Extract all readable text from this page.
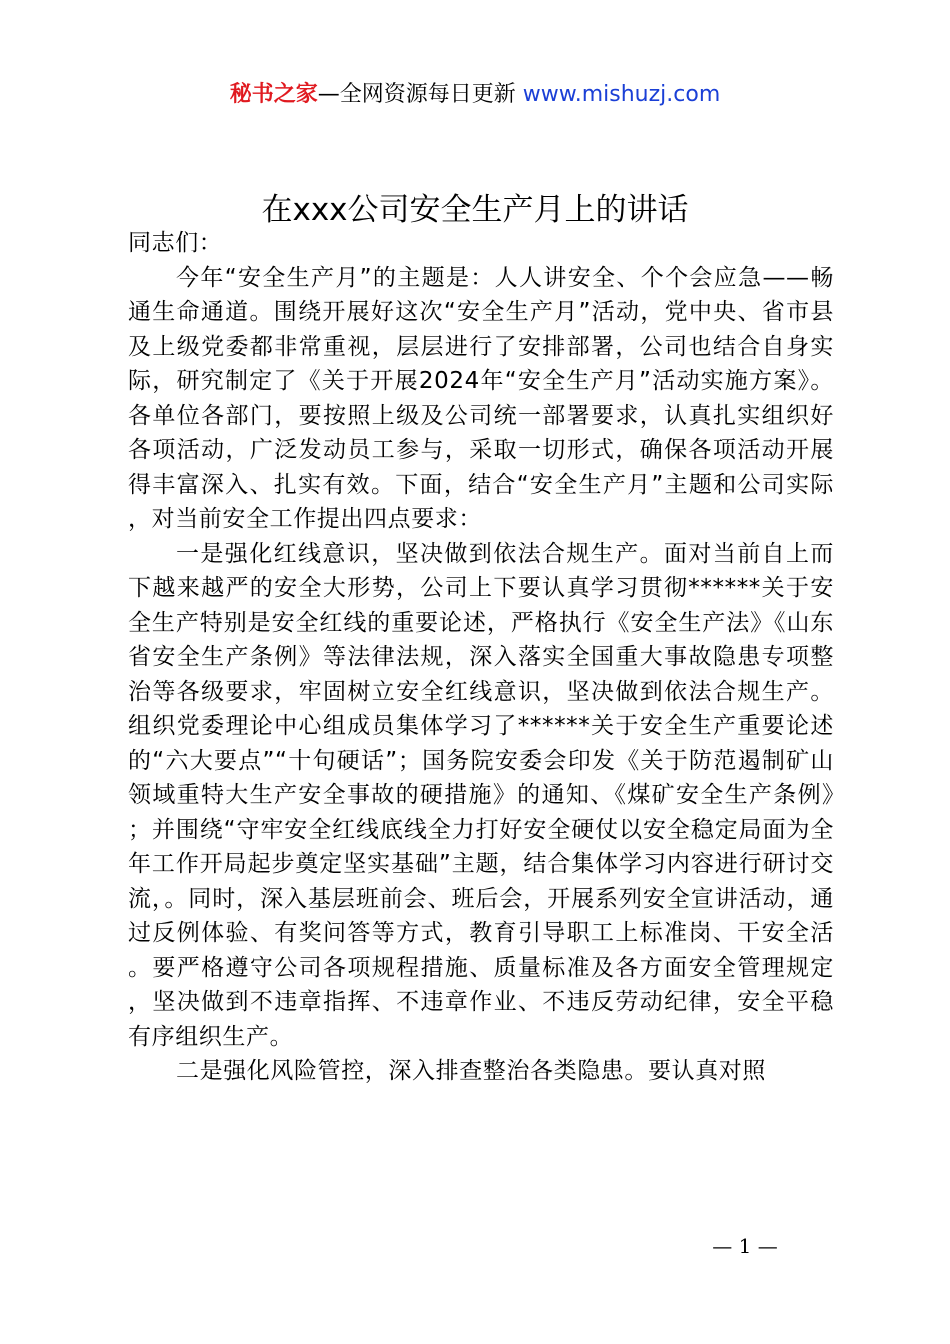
秘书之家—全网资源每日更新 www.mishuzj.com
在xxx公司安全生产月上的讲话

同志们：

今年“安全生产月”的主题是：人人讲安全、个个会应急——畅通生命通道。围绕开展好这次“安全生产月”活动，党中央、省市县及上级党委都非常重视，层层进行了安排部署，公司也结合自身实际，研究制定了《关于开展2024年“安全生产月”活动实施方案》。各单位各部门，要按照上级及公司统一部署要求，认真扎实组织好各项活动，广泛发动员工参与，采取一切形式，确保各项活动开展得丰富深入、扎实有效。下面，结合“安全生产月”主题和公司实际，对当前安全工作提出四点要求：

一是强化红线意识，坚决做到依法合规生产。面对当前自上而下越来越严的安全大形势，公司上下要认真学习贯彻******关于安全生产特别是安全红线的重要论述，严格执行《安全生产法》《山东省安全生产条例》等法律法规，深入落实全国重大事故隐患专项整治等各级要求，牢固树立安全红线意识，坚决做到依法合规生产。组织党委理论中心组成员集体学习了******关于安全生产重要论述的“六大要点”“十句硬话”；国务院安委会印发《关于防范遏制矿山领域重特大生产安全事故的硬措施》的通知、《煤矿安全生产条例》；并围绕“守牢安全红线底线全力打好安全硬仗以安全稳定局面为全年工作开局起步奠定坚实基础”主题，结合集体学习内容进行研讨交流，。同时，深入基层班前会、班后会，开展系列安全宣讲活动，通过反例体验、有奖问答等方式，教育引导职工上标准岗、干安全活。要严格遵守公司各项规程措施、质量标准及各方面安全管理规定，坚决做到不违章指挥、不违章作业、不违反劳动纪律，安全平稳有序组织生产。

二是强化风险管控，深入排查整治各类隐患。要认真对照

— 1 —
